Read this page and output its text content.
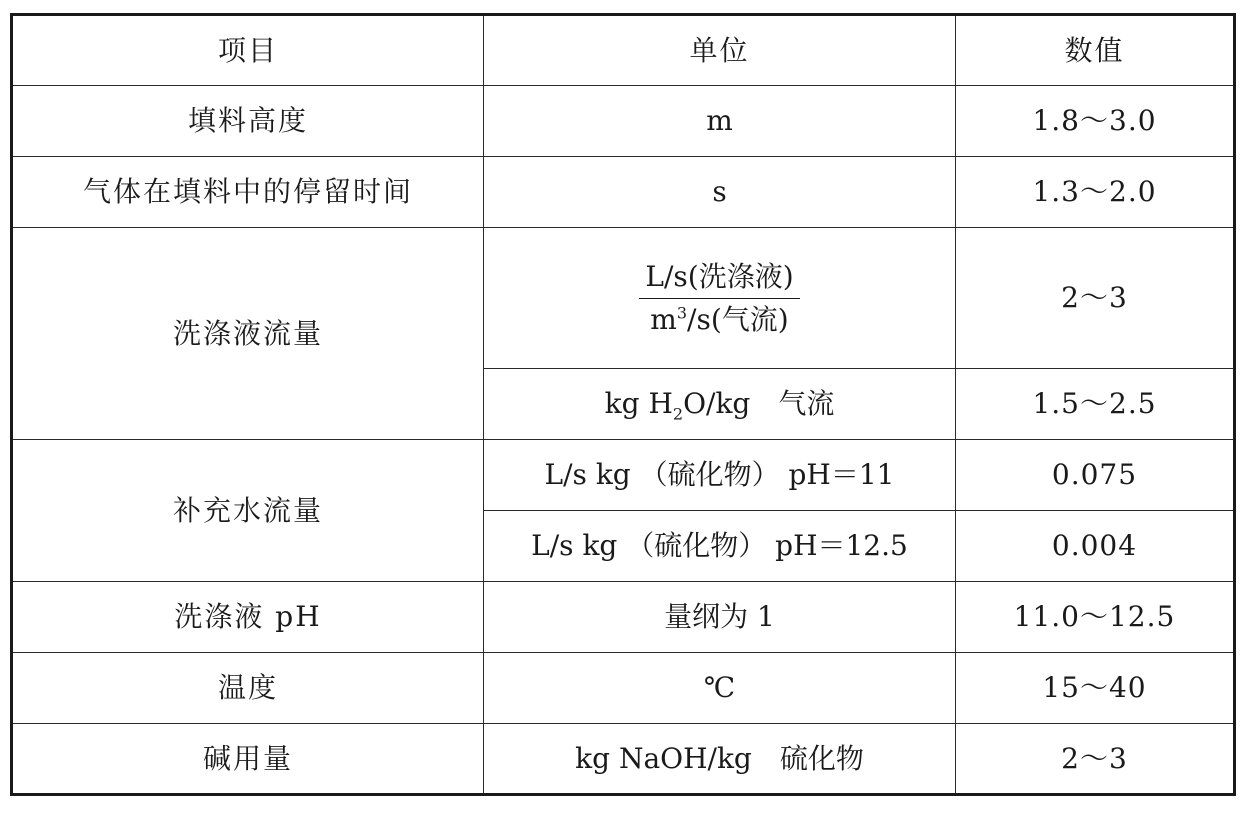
项目	单位	数值
填料高度	m	1.8～3.0
气体在填料中的停留时间	s	1.3～2.0
洗涤液流量	$\frac{\text{L/s(洗涤液)}}{m^3/s(气流)}$	2～3
	kg $H_2O/kg$　气流	1.5～2.5
补充水流量	L/s kg （硫化物） pH＝11	0.075
	L/s kg （硫化物） pH＝12.5	0.004
洗涤液 pH	量纲为 1	11.0～12.5
温度	℃	15～40
碱用量	kg NaOH/kg　硫化物	2～3
